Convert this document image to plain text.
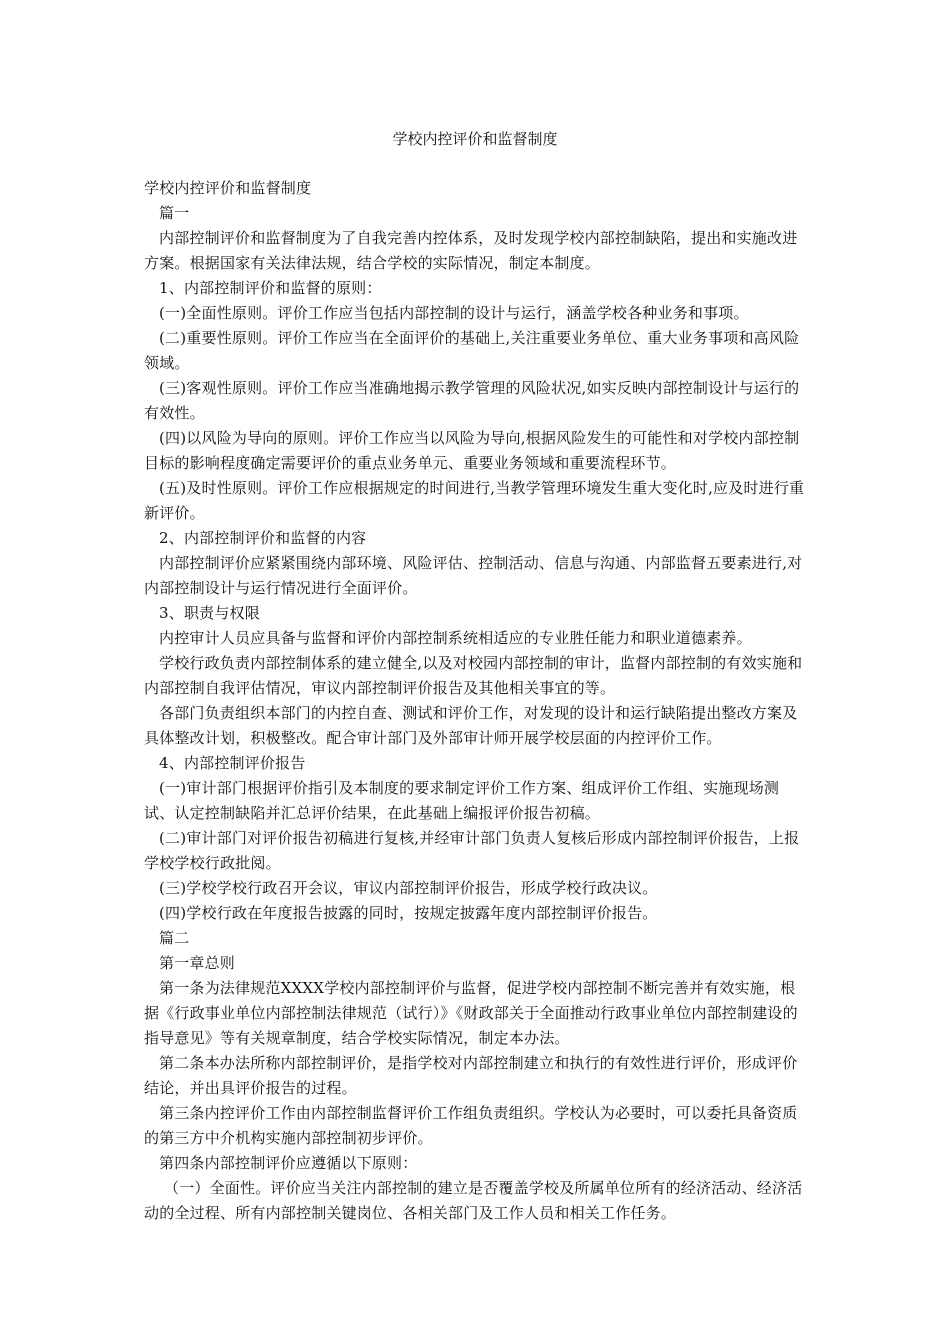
学校内控评价和监督制度

学校内控评价和监督制度

篇一

内部控制评价和监督制度为了自我完善内控体系，及时发现学校内部控制缺陷，提出和实施改进方案。根据国家有关法律法规，结合学校的实际情况，制定本制度。

1、内部控制评价和监督的原则：

(一)全面性原则。评价工作应当包括内部控制的设计与运行，涵盖学校各种业务和事项。

(二)重要性原则。评价工作应当在全面评价的基础上,关注重要业务单位、重大业务事项和高风险领域。

(三)客观性原则。评价工作应当准确地揭示教学管理的风险状况,如实反映内部控制设计与运行的有效性。

(四)以风险为导向的原则。评价工作应当以风险为导向,根据风险发生的可能性和对学校内部控制目标的影响程度确定需要评价的重点业务单元、重要业务领域和重要流程环节。

(五)及时性原则。评价工作应根据规定的时间进行,当教学管理环境发生重大变化时,应及时进行重新评价。

2、内部控制评价和监督的内容

内部控制评价应紧紧围绕内部环境、风险评估、控制活动、信息与沟通、内部监督五要素进行,对内部控制设计与运行情况进行全面评价。

3、职责与权限

内控审计人员应具备与监督和评价内部控制系统相适应的专业胜任能力和职业道德素养。

学校行政负责内部控制体系的建立健全,以及对校园内部控制的审计，监督内部控制的有效实施和内部控制自我评估情况，审议内部控制评价报告及其他相关事宜的等。

各部门负责组织本部门的内控自查、测试和评价工作，对发现的设计和运行缺陷提出整改方案及具体整改计划，积极整改。配合审计部门及外部审计师开展学校层面的内控评价工作。

4、内部控制评价报告

(一)审计部门根据评价指引及本制度的要求制定评价工作方案、组成评价工作组、实施现场测试、认定控制缺陷并汇总评价结果，在此基础上编报评价报告初稿。

(二)审计部门对评价报告初稿进行复核,并经审计部门负责人复核后形成内部控制评价报告，上报学校学校行政批阅。

(三)学校学校行政召开会议，审议内部控制评价报告，形成学校行政决议。

(四)学校行政在年度报告披露的同时，按规定披露年度内部控制评价报告。

篇二

第一章总则

第一条为法律规范XXXX学校内部控制评价与监督，促进学校内部控制不断完善并有效实施，根据《行政事业单位内部控制法律规范（试行）》《财政部关于全面推动行政事业单位内部控制建设的指导意见》等有关规章制度，结合学校实际情况，制定本办法。

第二条本办法所称内部控制评价，是指学校对内部控制建立和执行的有效性进行评价，形成评价结论，并出具评价报告的过程。

第三条内控评价工作由内部控制监督评价工作组负责组织。学校认为必要时，可以委托具备资质的第三方中介机构实施内部控制初步评价。

第四条内部控制评价应遵循以下原则：

（一）全面性。评价应当关注内部控制的建立是否覆盖学校及所属单位所有的经济活动、经济活动的全过程、所有内部控制关键岗位、各相关部门及工作人员和相关工作任务。
